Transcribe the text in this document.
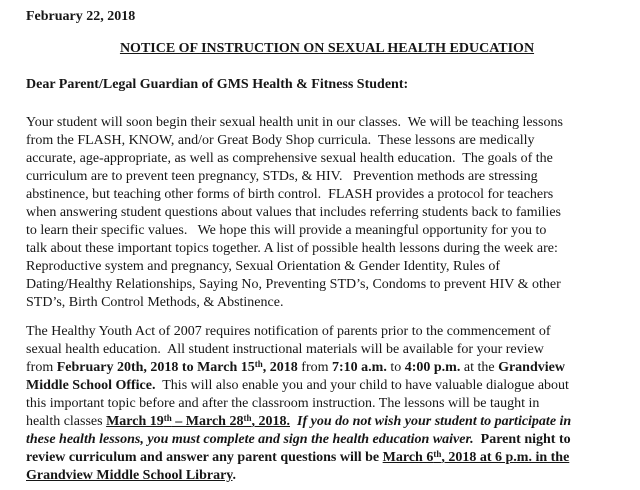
February 22, 2018
NOTICE OF INSTRUCTION ON SEXUAL HEALTH EDUCATION
Dear Parent/Legal Guardian of GMS Health & Fitness Student:
Your student will soon begin their sexual health unit in our classes.  We will be teaching lessons
from the FLASH, KNOW, and/or Great Body Shop curricula.  These lessons are medically
accurate, age-appropriate, as well as comprehensive sexual health education.  The goals of the
curriculum are to prevent teen pregnancy, STDs, & HIV.   Prevention methods are stressing
abstinence, but teaching other forms of birth control.  FLASH provides a protocol for teachers
when answering student questions about values that includes referring students back to families
to learn their specific values.   We hope this will provide a meaningful opportunity for you to
talk about these important topics together. A list of possible health lessons during the week are:
Reproductive system and pregnancy, Sexual Orientation & Gender Identity, Rules of
Dating/Healthy Relationships, Saying No, Preventing STD’s, Condoms to prevent HIV & other
STD’s, Birth Control Methods, & Abstinence.
The Healthy Youth Act of 2007 requires notification of parents prior to the commencement of
sexual health education.  All student instructional materials will be available for your review
from February 20th, 2018 to March 15th, 2018 from 7:10 a.m. to 4:00 p.m. at the Grandview
Middle School Office.  This will also enable you and your child to have valuable dialogue about
this important topic before and after the classroom instruction. The lessons will be taught in
health classes March 19th – March 28th, 2018. If you do not wish your student to participate in
these health lessons, you must complete and sign the health education waiver. Parent night to
review curriculum and answer any parent questions will be March 6th, 2018 at 6 p.m. in the
Grandview Middle School Library.
